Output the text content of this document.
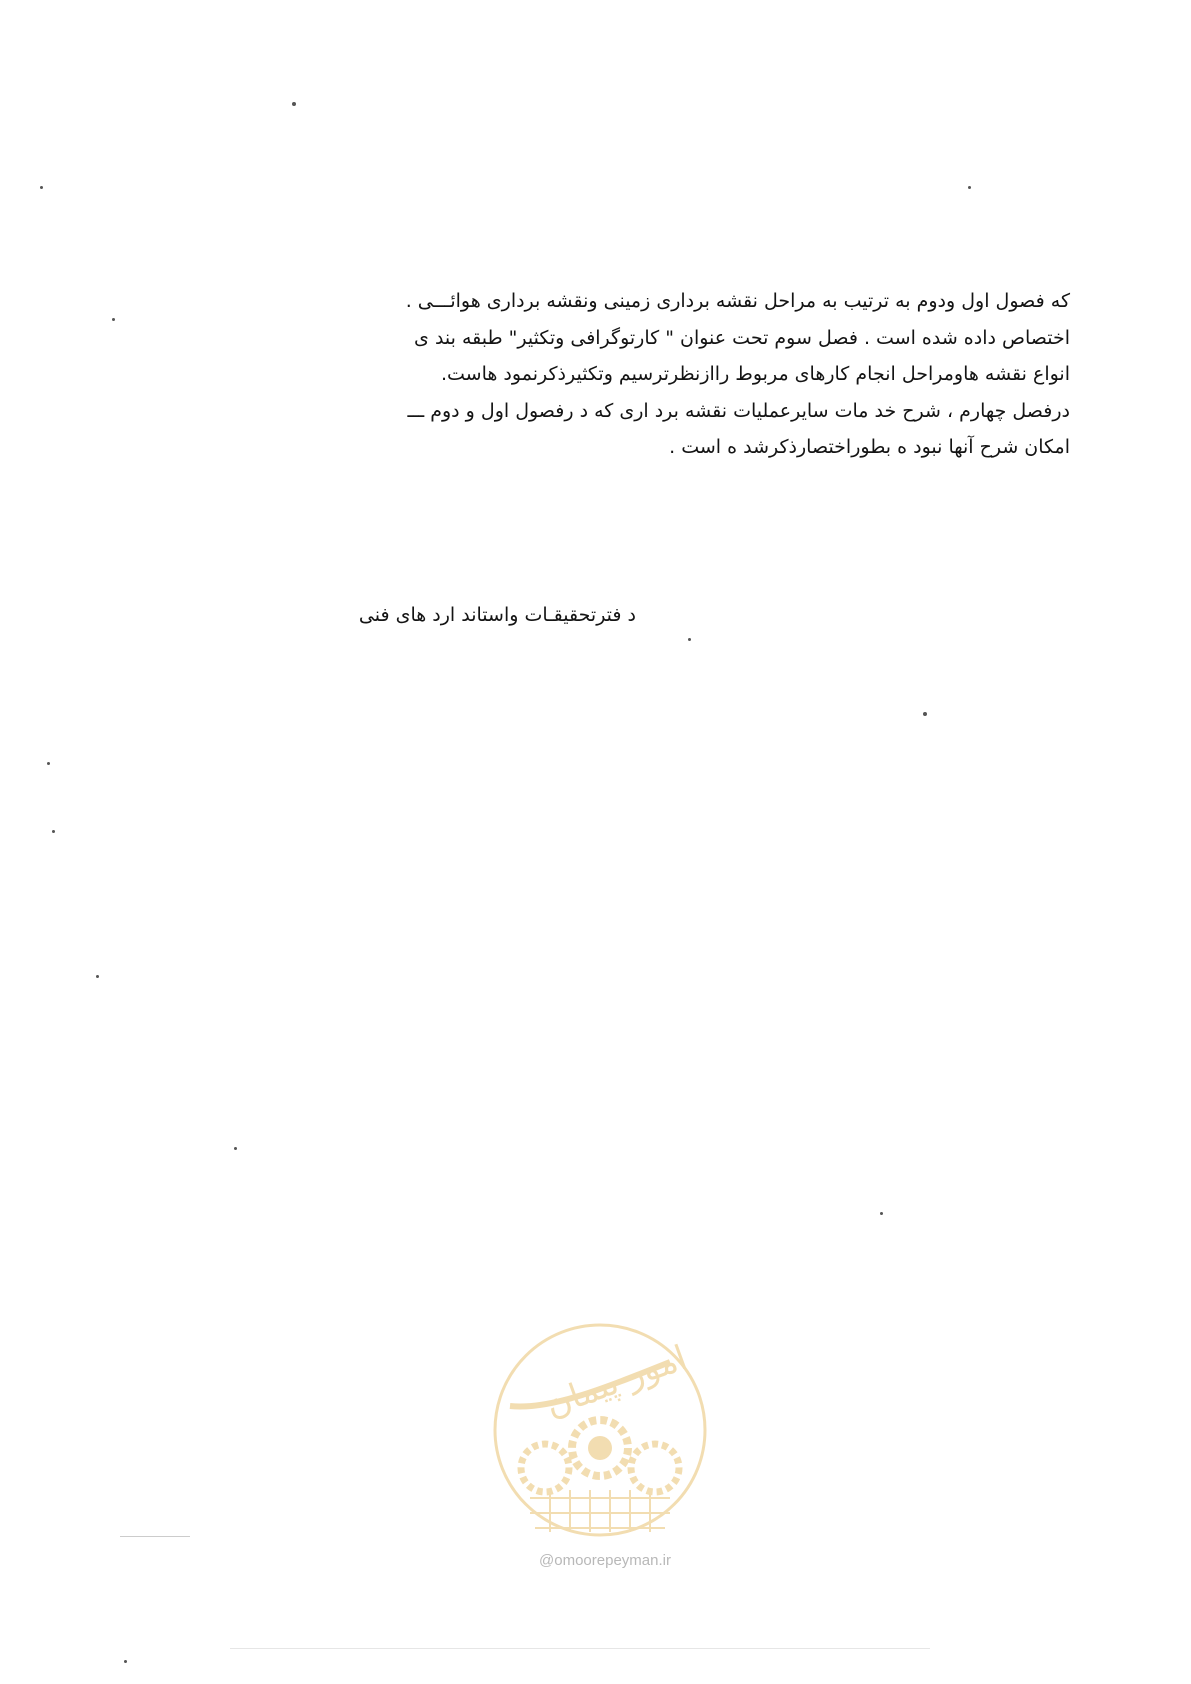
که فصول اول ودوم به ترتیب به مراحل نقشه برداری زمینی ونقشه برداری هوائـــی .
اختصاص داده شده است . فصل سوم تحت عنوان " کارتوگرافی وتکثیر" طبقه بند ی
انواع نقشه هاومراحل انجام کارهای مربوط راازنظرترسیم وتکثیرذکرنمود هاست.
درفصل چهارم ، شرح خد مات سایرعملیات نقشه برد اری که د رفصول اول و دوم ـــ
امکان شرح آنها نبود ه بطوراختصارذکرشد ه است .
د فترتحقیقـات واستاند ارد های فنی
امور پیمان
@omoorepeyman.ir
